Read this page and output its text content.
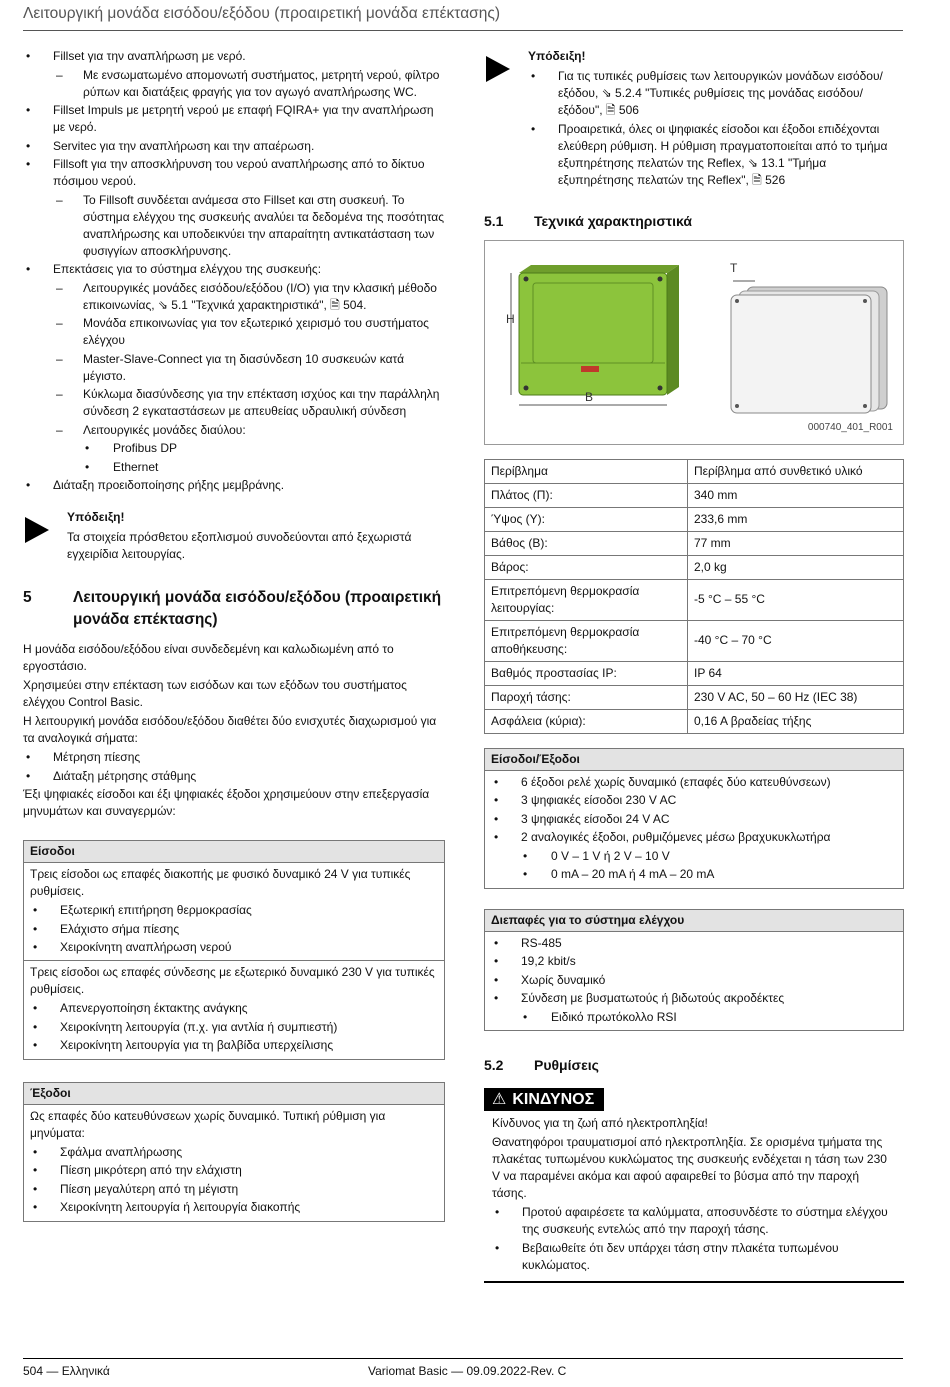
Λειτουργική μονάδα εισόδου/εξόδου (προαιρετική μονάδα επέκτασης)
• Fillset για την αναπλήρωση με νερό.
– Με ενσωματωμένο απομονωτή συστήματος, μετρητή νερού, φίλτρο ρύπων και διατάξεις φραγής για τον αγωγό αναπλήρωσης WC.
• Fillset Impuls με μετρητή νερού με επαφή FQIRA+ για την αναπλήρωση με νερό.
• Servitec για την αναπλήρωση και την απαέρωση.
• Fillsoft για την αποσκλήρυνση του νερού αναπλήρωσης από το δίκτυο πόσιμου νερού.
– Το Fillsoft συνδέεται ανάμεσα στο Fillset και στη συσκευή. Το σύστημα ελέγχου της συσκευής αναλύει τα δεδομένα της ποσότητας αναπλήρωσης και υποδεικνύει την απαραίτητη αντικατάσταση των φυσιγγίων αποσκλήρυνσης.
• Επεκτάσεις για το σύστημα ελέγχου της συσκευής:
– Λειτουργικές μονάδες εισόδου/εξόδου (I/O) για την κλασική μέθοδο επικοινωνίας, ⇘ 5.1 "Τεχνικά χαρακτηριστικά", 🗎 504.
– Μονάδα επικοινωνίας για τον εξωτερικό χειρισμό του συστήματος ελέγχου
– Master-Slave-Connect για τη διασύνδεση 10 συσκευών κατά μέγιστο.
– Κύκλωμα διασύνδεσης για την επέκταση ισχύος και την παράλληλη σύνδεση 2 εγκαταστάσεων με απευθείας υδραυλική σύνδεση
– Λειτουργικές μονάδες διαύλου:
• Profibus DP
• Ethernet
• Διάταξη προειδοποίησης ρήξης μεμβράνης.
Υπόδειξη!
Τα στοιχεία πρόσθετου εξοπλισμού συνοδεύονται από ξεχωριστά εγχειρίδια λειτουργίας.
5	Λειτουργική μονάδα εισόδου/εξόδου (προαιρετική μονάδα επέκτασης)

Η μονάδα εισόδου/εξόδου είναι συνδεδεμένη και καλωδιωμένη από το εργοστάσιο.

Χρησιμεύει στην επέκταση των εισόδων και των εξόδων του συστήματος ελέγχου Control Basic.

Η λειτουργική μονάδα εισόδου/εξόδου διαθέτει δύο ενισχυτές διαχωρισμού για τα αναλογικά σήματα:

• Μέτρηση πίεσης
• Διάταξη μέτρησης στάθμης

Έξι ψηφιακές είσοδοι και έξι ψηφιακές έξοδοι χρησιμεύουν στην επεξεργασία μηνυμάτων και συναγερμών:

Είσοδοι

Τρεις είσοδοι ως επαφές διακοπής με φυσικό δυναμικό 24 V για τυπικές ρυθμίσεις.

• Εξωτερική επιτήρηση θερμοκρασίας
• Ελάχιστο σήμα πίεσης
• Χειροκίνητη αναπλήρωση νερού

Τρεις είσοδοι ως επαφές σύνδεσης με εξωτερικό δυναμικό 230 V για τυπικές ρυθμίσεις.

• Απενεργοποίηση έκτακτης ανάγκης
• Χειροκίνητη λειτουργία (π.χ. για αντλία ή συμπιεστή)
• Χειροκίνητη λειτουργία για τη βαλβίδα υπερχείλισης
Έξοδοι

Ως επαφές δύο κατευθύνσεων χωρίς δυναμικό. Τυπική ρύθμιση για μηνύματα:

• Σφάλμα αναπλήρωσης
• Πίεση μικρότερη από την ελάχιστη
• Πίεση μεγαλύτερη από τη μέγιστη
• Χειροκίνητη λειτουργία ή λειτουργία διακοπής
Υπόδειξη!
• Για τις τυπικές ρυθμίσεις των λειτουργικών μονάδων εισόδου/εξόδου, ⇘ 5.2.4 "Τυπικές ρυθμίσεις της μονάδας εισόδου/εξόδου", 🗎 506
• Προαιρετικά, όλες οι ψηφιακές είσοδοι και έξοδοι επιδέχονται ελεύθερη ρύθμιση. Η ρύθμιση πραγματοποιείται από το τμήμα εξυπηρέτησης πελατών της Reflex, ⇘ 13.1 "Τμήμα εξυπηρέτησης πελατών της Reflex", 🗎 526
5.1 Τεχνικά χαρακτηριστικά
H
B
T
000740_401_R001
Περίβλημα	Περίβλημα από συνθετικό υλικό
Πλάτος (Π):	340 mm
Ύψος (Υ):	233,6 mm
Βάθος (Β):	77 mm
Βάρος:	2,0 kg
Επιτρεπόμενη θερμοκρασία λειτουργίας:	-5 °C – 55 °C
Επιτρεπόμενη θερμοκρασία αποθήκευσης:	-40 °C – 70 °C
Βαθμός προστασίας IP:	IP 64
Παροχή τάσης:	230 V AC, 50 – 60 Hz (IEC 38)
Ασφάλεια (κύρια):	0,16 A βραδείας τήξης
Είσοδοι/Έξοδοι
• 6 έξοδοι ρελέ χωρίς δυναμικό (επαφές δύο κατευθύνσεων)
• 3 ψηφιακές είσοδοι 230 V AC
• 3 ψηφιακές είσοδοι 24 V AC
• 2 αναλογικές έξοδοι, ρυθμιζόμενες μέσω βραχυκυκλωτήρα
• 0 V – 1 V ή 2 V – 10 V
• 0 mA – 20 mA ή 4 mA – 20 mA
Διεπαφές για το σύστημα ελέγχου
• RS-485
• 19,2 kbit/s
• Χωρίς δυναμικό
• Σύνδεση με βυσματωτούς ή βιδωτούς ακροδέκτες
• Ειδικό πρωτόκολλο RSI
5.2 Ρυθμίσεις
⚠ ΚΙΝΔΥΝΟΣ

Κίνδυνος για τη ζωή από ηλεκτροπληξία!

Θανατηφόροι τραυματισμοί από ηλεκτροπληξία. Σε ορισμένα τμήματα της πλακέτας τυπωμένου κυκλώματος της συσκευής ενδέχεται η τάση των 230 V να παραμένει ακόμα και αφού αφαιρεθεί το βύσμα από την παροχή τάσης.

• Προτού αφαιρέσετε τα καλύμματα, αποσυνδέστε το σύστημα ελέγχου της συσκευής εντελώς από την παροχή τάσης.
• Βεβαιωθείτε ότι δεν υπάρχει τάση στην πλακέτα τυπωμένου κυκλώματος.
504 — Ελληνικά	Variomat Basic — 09.09.2022-Rev. C
